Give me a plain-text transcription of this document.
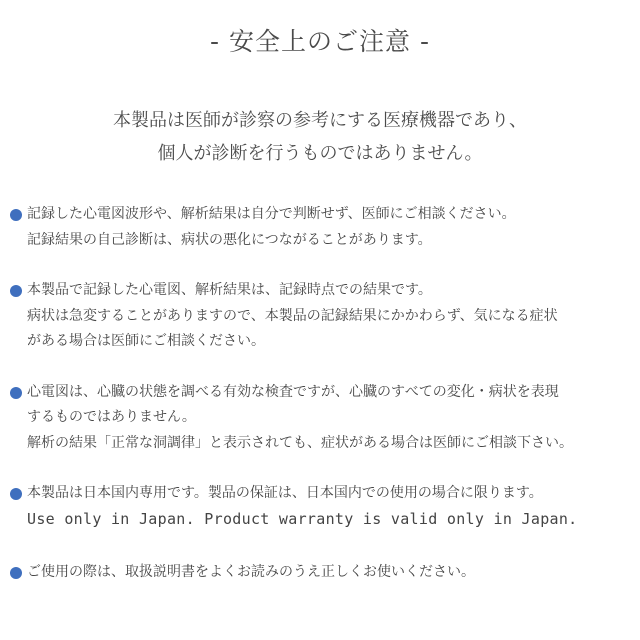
- 安全上のご注意 -
本製品は医師が診察の参考にする医療機器であり、
個人が診断を行うものではありません。
記録した心電図波形や、解析結果は自分で判断せず、医師にご相談ください。
記録結果の自己診断は、病状の悪化につながることがあります。
本製品で記録した心電図、解析結果は、記録時点での結果です。
病状は急変することがありますので、本製品の記録結果にかかわらず、気になる症状
がある場合は医師にご相談ください。
心電図は、心臓の状態を調べる有効な検査ですが、心臓のすべての変化・病状を表現
するものではありません。
解析の結果「正常な洞調律」と表示されても、症状がある場合は医師にご相談下さい。
本製品は日本国内専用です。製品の保証は、日本国内での使用の場合に限ります。
Use only in Japan. Product warranty is valid only in Japan.
ご使用の際は、取扱説明書をよくお読みのうえ正しくお使いください。
